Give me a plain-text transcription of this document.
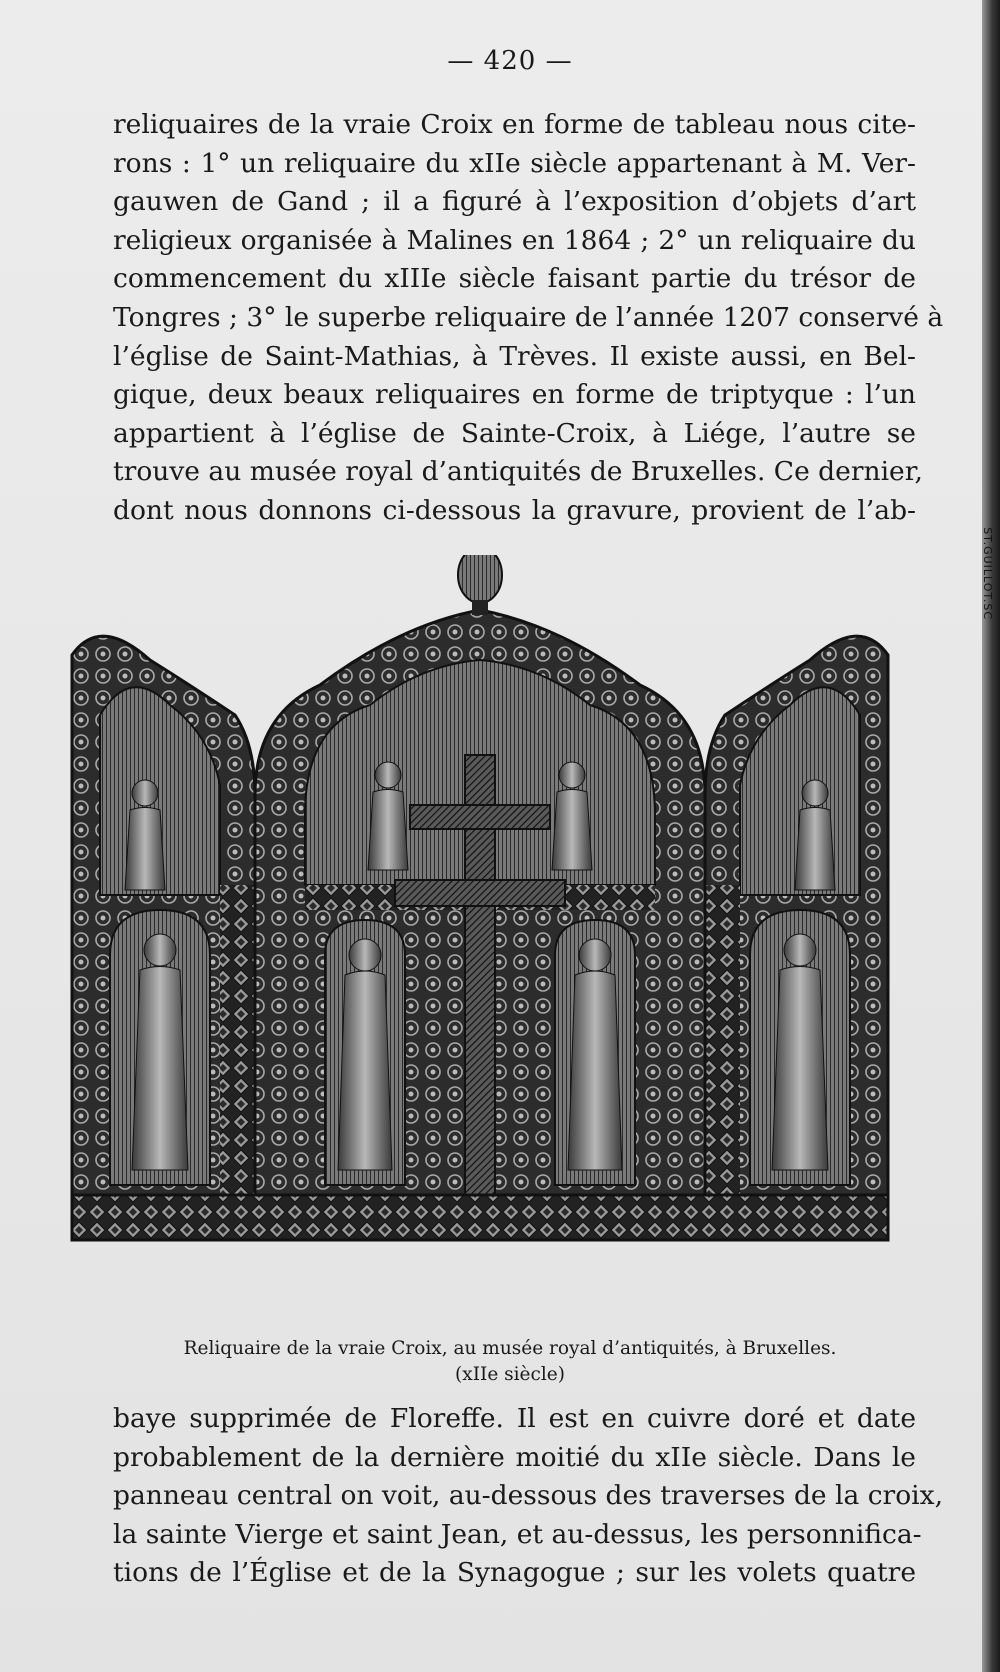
— 420 —
reliquaires de la vraie Croix en forme de tableau nous cite-
rons : 1° un reliquaire du xIIe siècle appartenant à M. Ver-
gauwen de Gand ; il a figuré à l’exposition d’objets d’art
religieux organisée à Malines en 1864 ; 2° un reliquaire du
commencement du xIIIe siècle faisant partie du trésor de
Tongres ; 3° le superbe reliquaire de l’année 1207 conservé à
l’église de Saint-Mathias, à Trèves. Il existe aussi, en Bel-
gique, deux beaux reliquaires en forme de triptyque : l’un
appartient à l’église de Sainte-Croix, à Liége, l’autre se
trouve au musée royal d’antiquités de Bruxelles. Ce dernier,
dont nous donnons ci-dessous la gravure, provient de l’ab-
ST.GUILLOT.SC
Reliquaire de la vraie Croix, au musée royal d’antiquités, à Bruxelles.
(xIIe siècle)
baye supprimée de Floreffe. Il est en cuivre doré et date
probablement de la dernière moitié du xIIe siècle. Dans le
panneau central on voit, au-dessous des traverses de la croix,
la sainte Vierge et saint Jean, et au-dessus, les personnifica-
tions de l’Église et de la Synagogue ; sur les volets quatre
